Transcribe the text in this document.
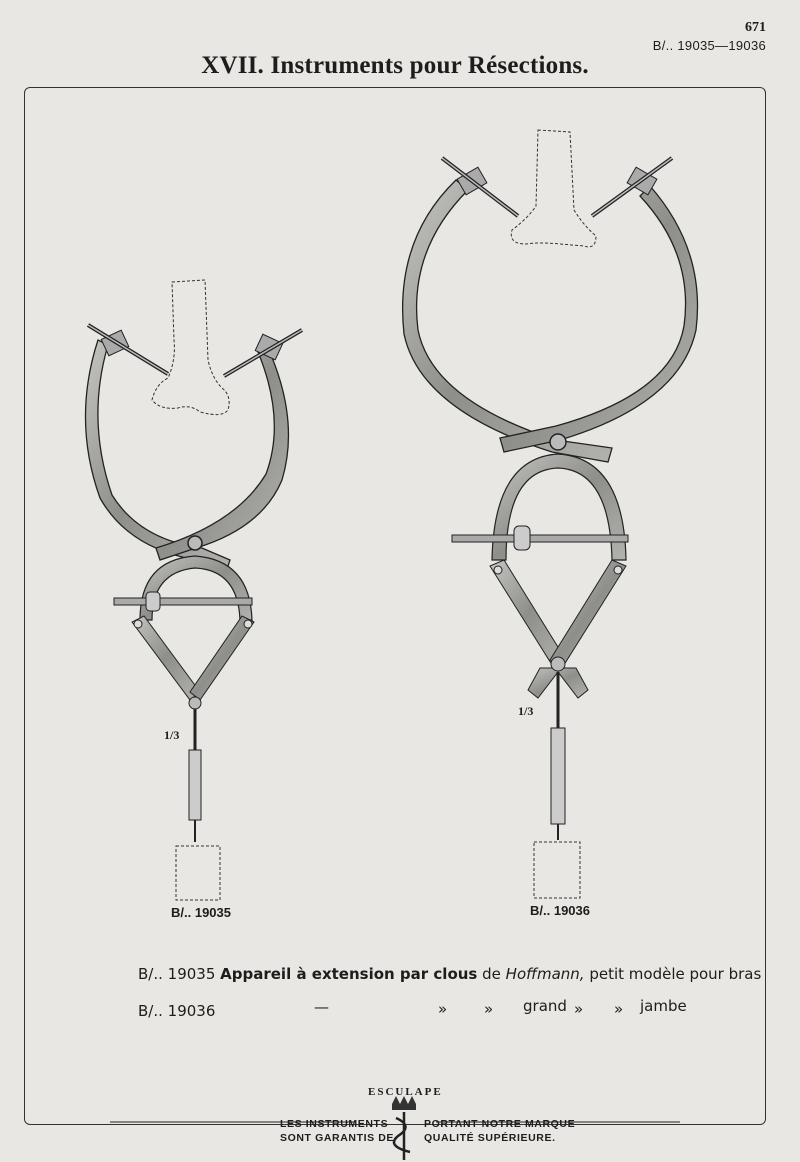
671
B/.. 19035—19036
XVII. Instruments pour Résections.
1/3
B/.. 19035
1/3
B/.. 19036
B/.. 19035 Appareil à extension par clous de Hoffmann, petit modèle pour bras
B/.. 19036	—	» » grand » » jambe
ESCULAPE
LES INSTRUMENTS
SONT GARANTIS DE
PORTANT NOTRE MARQUE
QUALITÉ SUPÉRIEURE.
